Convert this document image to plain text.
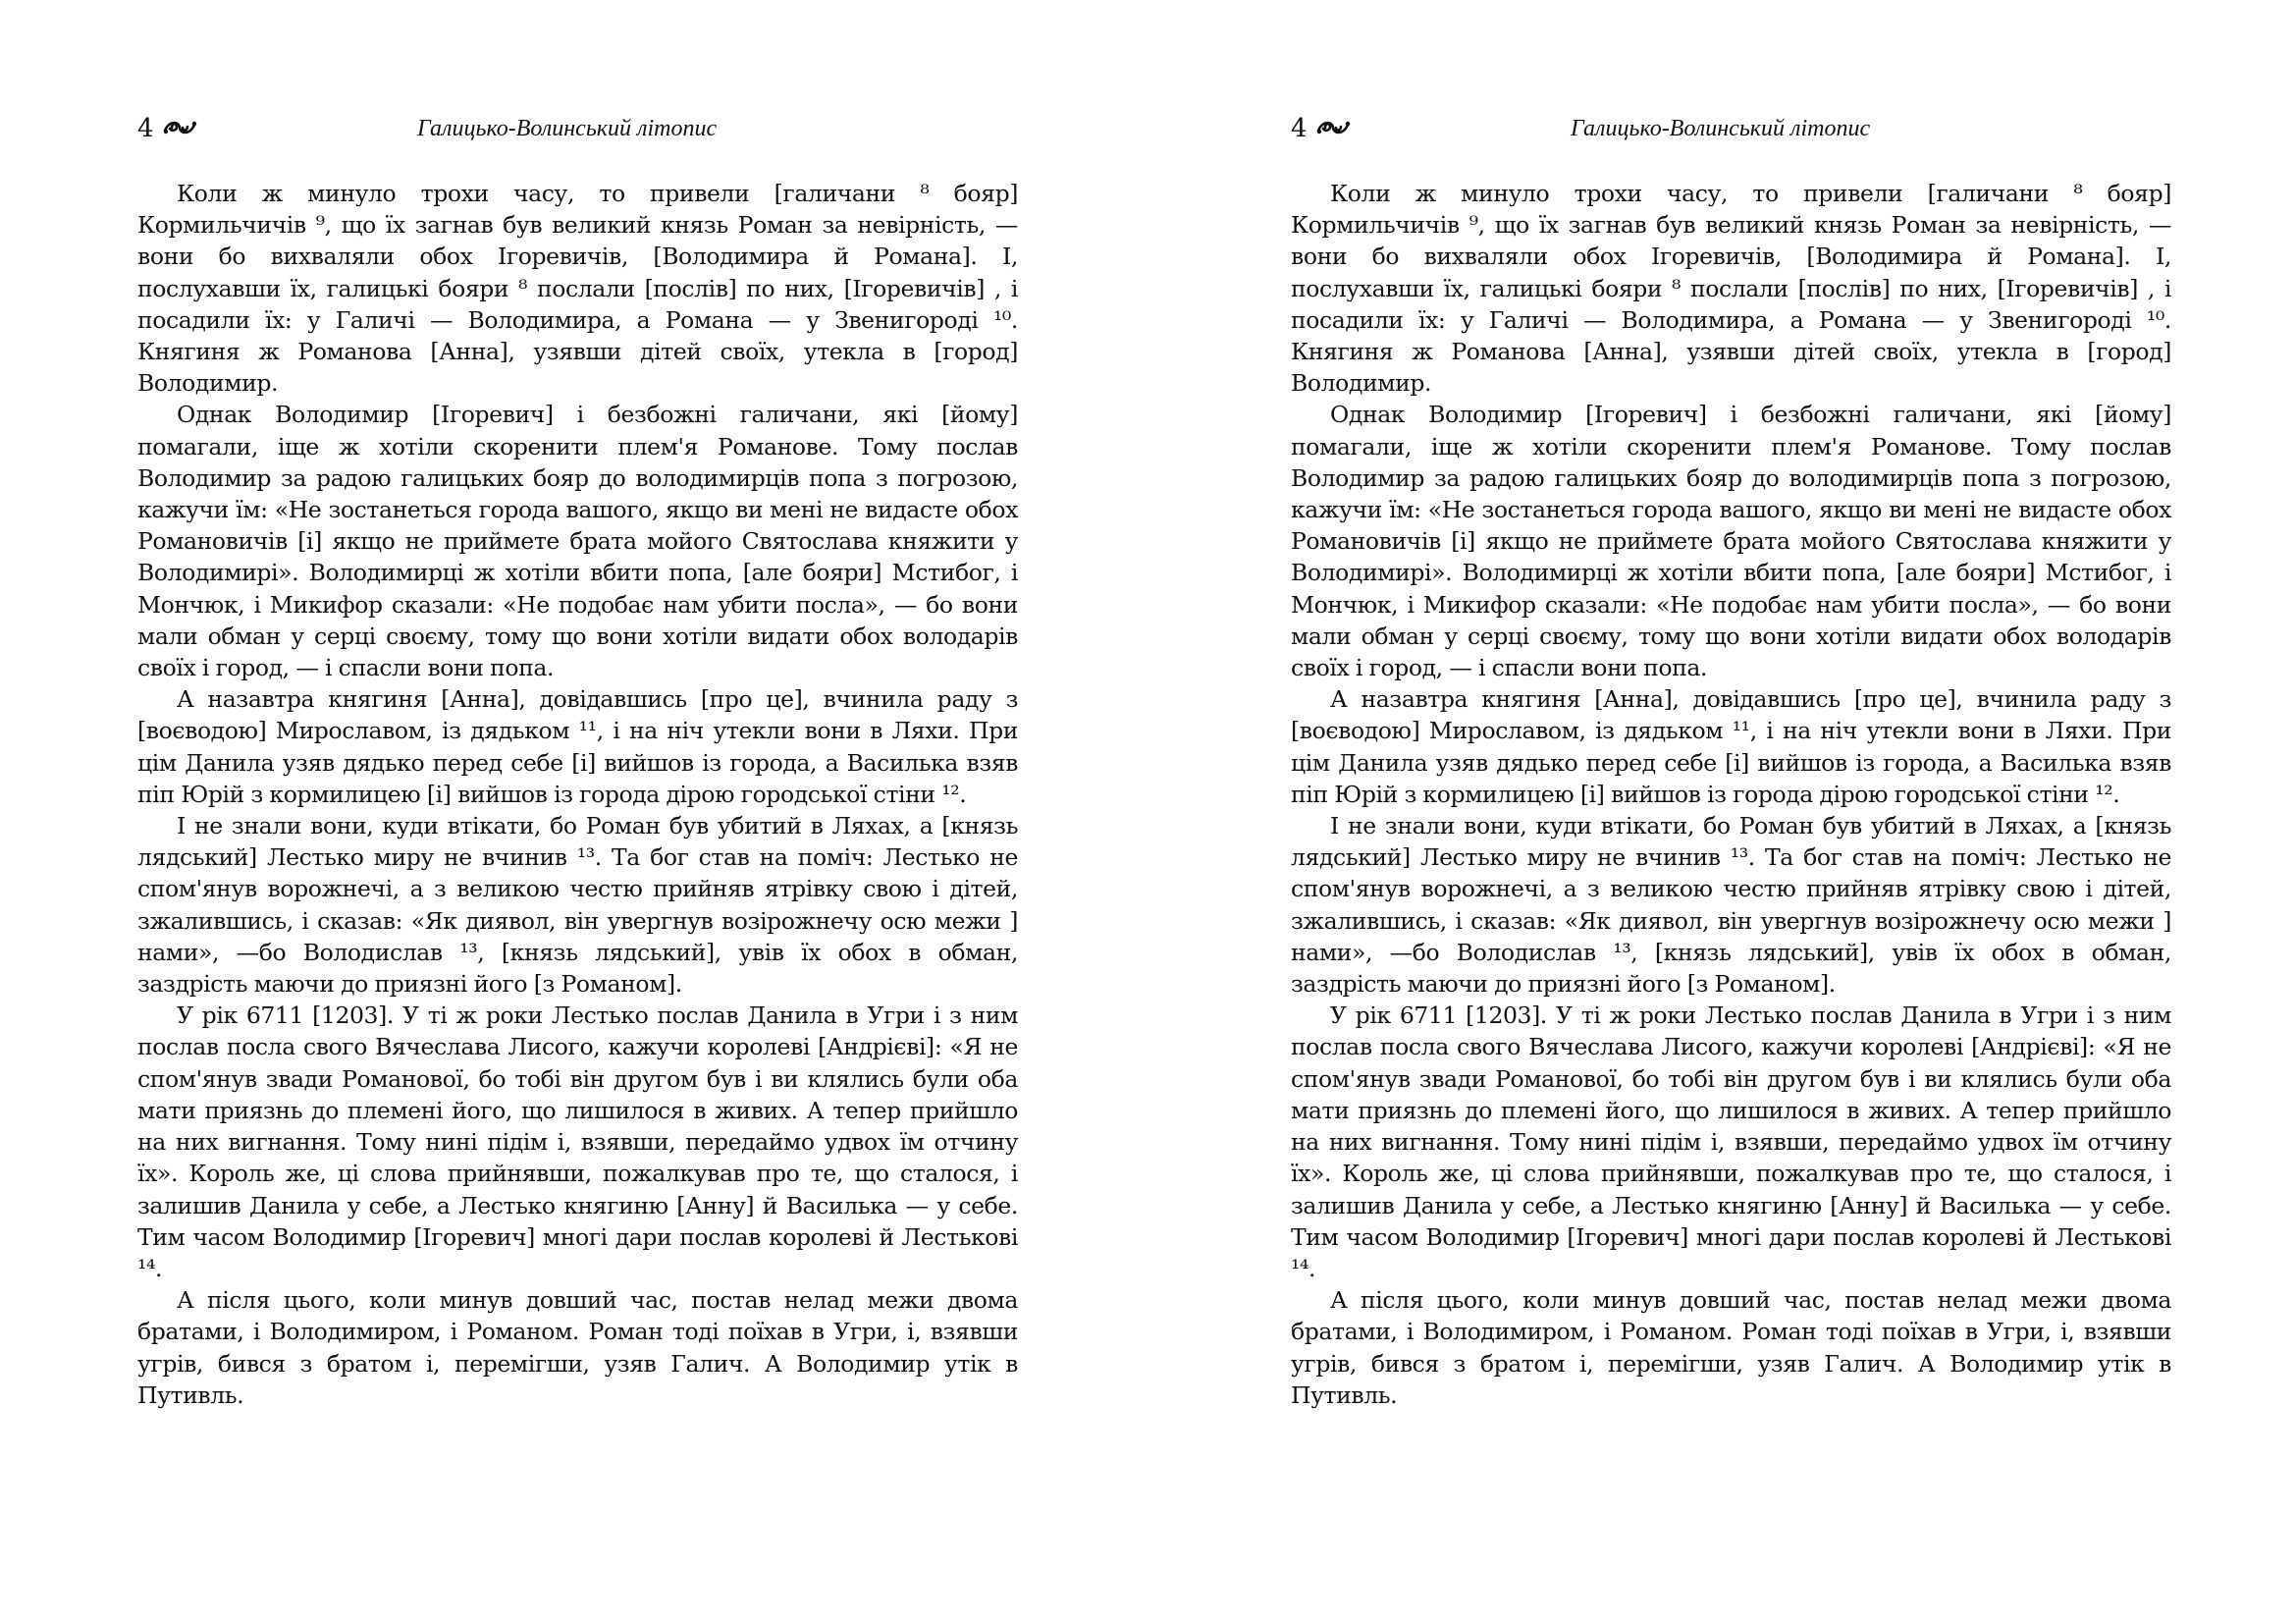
4	Галицько-Волинський літопис

Коли ж минуло трохи часу, то привели [галичани ⁸ бояр] Кормильчичів ⁹, що їх загнав був великий князь Роман за невірність, — вони бо вихваляли обох Ігоревичів, [Володимира й Романа]. І, послухавши їх, галицькі бояри ⁸ послали [послів] по них, [Ігоревичів] , і посадили їх: у Галичі — Володимира, а Романа — у Звенигороді ¹⁰. Княгиня ж Романова [Анна], узявши дітей своїх, утекла в [город] Володимир.

Однак Володимир [Ігоревич] і безбожні галичани, які [йому] помагали, іще ж хотіли скоренити плем'я Романове. Тому послав Володимир за радою галицьких бояр до володимирців попа з погрозою, кажучи їм: «Не зостанеться города вашого, якщо ви мені не видасте обох Романовичів [і] якщо не приймете брата мойого Святослава княжити у Володимирі». Володимирці ж хотіли вбити попа, [але бояри] Мстибог, і Мончюк, і Микифор сказали: «Не подобає нам убити посла», — бо вони мали обман у серці своєму, тому що вони хотіли видати обох володарів своїх і город, — і спасли вони попа.

А назавтра княгиня [Анна], довідавшись [про це], вчинила раду з [воєводою] Мирославом, із дядьком ¹¹, і на ніч утекли вони в Ляхи. При цім Данила узяв дядько перед себе [і] вийшов із города, а Василька взяв піп Юрій з кормилицею [і] вийшов із города дірою городської стіни ¹².

І не знали вони, куди втікати, бо Роман був убитий в Ляхах, а [князь лядський] Лестько миру не вчинив ¹³. Та бог став на поміч: Лестько не спом'янув ворожнечі, а з великою честю прийняв ятрівку свою і дітей, зжалившись, і сказав: «Як диявол, він увергнув возірожнечу осю межи ] нами», —бо Володислав ¹³, [князь лядський], увів їх обох в обман, заздрість маючи до приязні його [з Романом].

У рік 6711 [1203]. У ті ж роки Лестько послав Данила в Угри і з ним послав посла свого Вячеслава Лисого, кажучи королеві [Андрієві]: «Я не спом'янув звади Романової, бо тобі він другом був і ви клялись були оба мати приязнь до племені його, що лишилося в живих. А тепер прийшло на них вигнання. Тому нині підім і, взявши, передаймо удвох їм отчину їх». Король же, ці слова прийнявши, пожалкував про те, що сталося, і залишив Данила у себе, а Лестько княгиню [Анну] й Василька — у себе. Тим часом Володимир [Ігоревич] многі дари послав королеві й Лестькові ¹⁴.

А після цього, коли минув довший час, постав нелад межи двома братами, і Володимиром, і Романом. Роман тоді поїхав в Угри, і, взявши угрів, бився з братом і, перемігши, узяв Галич. А Володимир утік в Путивль.

4	Галицько-Волинський літопис

Коли ж минуло трохи часу, то привели [галичани ⁸ бояр] Кормильчичів ⁹, що їх загнав був великий князь Роман за невірність, — вони бо вихваляли обох Ігоревичів, [Володимира й Романа]. І, послухавши їх, галицькі бояри ⁸ послали [послів] по них, [Ігоревичів] , і посадили їх: у Галичі — Володимира, а Романа — у Звенигороді ¹⁰. Княгиня ж Романова [Анна], узявши дітей своїх, утекла в [город] Володимир.

Однак Володимир [Ігоревич] і безбожні галичани, які [йому] помагали, іще ж хотіли скоренити плем'я Романове. Тому послав Володимир за радою галицьких бояр до володимирців попа з погрозою, кажучи їм: «Не зостанеться города вашого, якщо ви мені не видасте обох Романовичів [і] якщо не приймете брата мойого Святослава княжити у Володимирі». Володимирці ж хотіли вбити попа, [але бояри] Мстибог, і Мончюк, і Микифор сказали: «Не подобає нам убити посла», — бо вони мали обман у серці своєму, тому що вони хотіли видати обох володарів своїх і город, — і спасли вони попа.

А назавтра княгиня [Анна], довідавшись [про це], вчинила раду з [воєводою] Мирославом, із дядьком ¹¹, і на ніч утекли вони в Ляхи. При цім Данила узяв дядько перед себе [і] вийшов із города, а Василька взяв піп Юрій з кормилицею [і] вийшов із города дірою городської стіни ¹².

І не знали вони, куди втікати, бо Роман був убитий в Ляхах, а [князь лядський] Лестько миру не вчинив ¹³. Та бог став на поміч: Лестько не спом'янув ворожнечі, а з великою честю прийняв ятрівку свою і дітей, зжалившись, і сказав: «Як диявол, він увергнув возірожнечу осю межи ] нами», —бо Володислав ¹³, [князь лядський], увів їх обох в обман, заздрість маючи до приязні його [з Романом].

У рік 6711 [1203]. У ті ж роки Лестько послав Данила в Угри і з ним послав посла свого Вячеслава Лисого, кажучи королеві [Андрієві]: «Я не спом'янув звади Романової, бо тобі він другом був і ви клялись були оба мати приязнь до племені його, що лишилося в живих. А тепер прийшло на них вигнання. Тому нині підім і, взявши, передаймо удвох їм отчину їх». Король же, ці слова прийнявши, пожалкував про те, що сталося, і залишив Данила у себе, а Лестько княгиню [Анну] й Василька — у себе. Тим часом Володимир [Ігоревич] многі дари послав королеві й Лестькові ¹⁴.

А після цього, коли минув довший час, постав нелад межи двома братами, і Володимиром, і Романом. Роман тоді поїхав в Угри, і, взявши угрів, бився з братом і, перемігши, узяв Галич. А Володимир утік в Путивль.
